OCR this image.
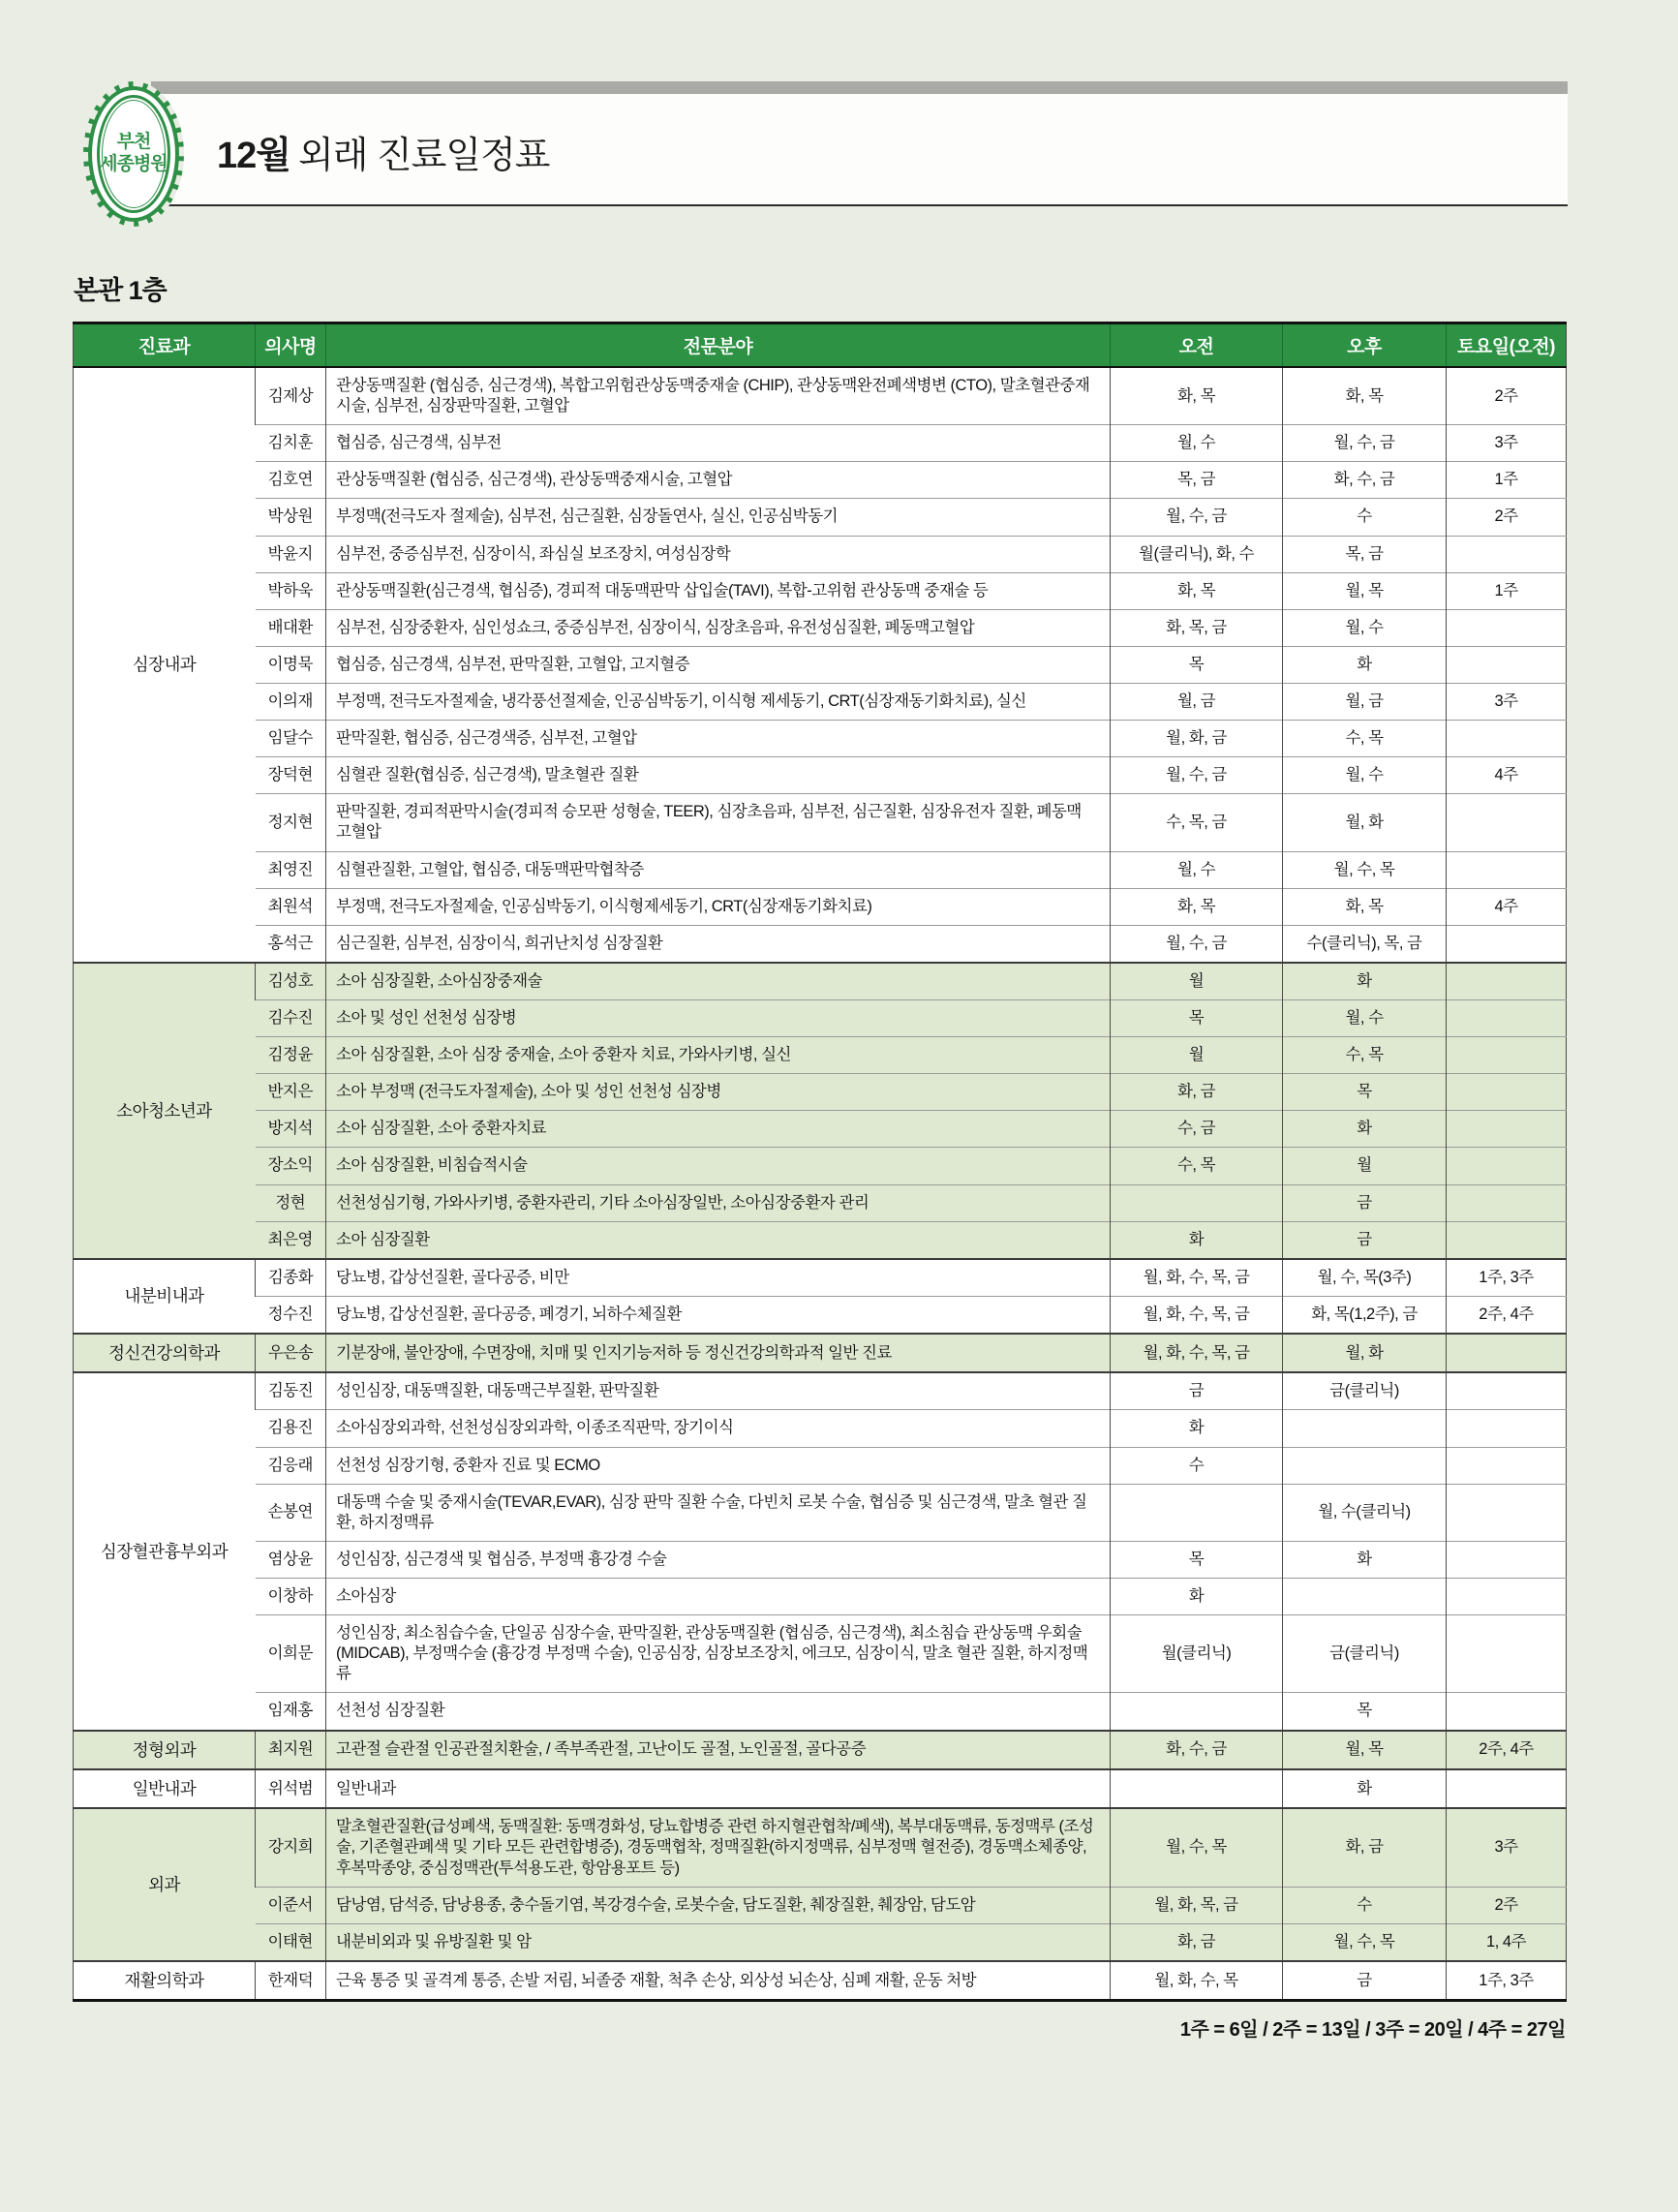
부천
세종병원 12월 외래 진료일정표
본관 1층
진료과	의사명	전문분야	오전	오후	토요일(오전)
심장내과	김제상	관상동맥질환 (협심증, 심근경색), 복합고위험관상동맥중재술 (CHIP), 관상동맥완전폐색병변 (CTO), 말초혈관중재시술, 심부전, 심장판막질환, 고혈압	화, 목	화, 목	2주
	김치훈	협심증, 심근경색, 심부전	월, 수	월, 수, 금	3주
	김호연	관상동맥질환 (협심증, 심근경색), 관상동맥중재시술, 고혈압	목, 금	화, 수, 금	1주
	박상원	부정맥(전극도자 절제술), 심부전, 심근질환, 심장돌연사, 실신, 인공심박동기	월, 수, 금	수	2주
	박윤지	심부전, 중증심부전, 심장이식, 좌심실 보조장치, 여성심장학	월(클리닉), 화, 수	목, 금	
	박하욱	관상동맥질환(심근경색, 협심증), 경피적 대동맥판막 삽입술(TAVI), 복합-고위험 관상동맥 중재술 등	화, 목	월, 목	1주
	배대환	심부전, 심장중환자, 심인성쇼크, 중증심부전, 심장이식, 심장초음파, 유전성심질환, 폐동맥고혈압	화, 목, 금	월, 수	
	이명묵	협심증, 심근경색, 심부전, 판막질환, 고혈압, 고지혈증	목	화	
	이의재	부정맥, 전극도자절제술, 냉각풍선절제술, 인공심박동기, 이식형 제세동기, CRT(심장재동기화치료), 실신	월, 금	월, 금	3주
	임달수	판막질환, 협심증, 심근경색증, 심부전, 고혈압	월, 화, 금	수, 목	
	장덕현	심혈관 질환(협심증, 심근경색), 말초혈관 질환	월, 수, 금	월, 수	4주
	정지현	판막질환, 경피적판막시술(경피적 승모판 성형술, TEER), 심장초음파, 심부전, 심근질환, 심장유전자 질환, 폐동맥 고혈압	수, 목, 금	월, 화	
	최영진	심혈관질환, 고혈압, 협심증, 대동맥판막협착증	월, 수	월, 수, 목	
	최원석	부정맥, 전극도자절제술, 인공심박동기, 이식형제세동기, CRT(심장재동기화치료)	화, 목	화, 목	4주
	홍석근	심근질환, 심부전, 심장이식, 희귀난치성 심장질환	월, 수, 금	수(클리닉), 목, 금	
소아청소년과	김성호	소아 심장질환, 소아심장중재술	월	화	
	김수진	소아 및 성인 선천성 심장병	목	월, 수	
	김정윤	소아 심장질환, 소아 심장 중재술, 소아 중환자 치료, 가와사키병, 실신	월	수, 목	
	반지은	소아 부정맥 (전극도자절제술), 소아 및 성인 선천성 심장병	화, 금	목	
	방지석	소아 심장질환, 소아 중환자치료	수, 금	화	
	장소익	소아 심장질환, 비침습적시술	수, 목	월	
	정현	선천성심기형, 가와사키병, 중환자관리, 기타 소아심장일반, 소아심장중환자 관리		금	
	최은영	소아 심장질환	화	금	
내분비내과	김종화	당뇨병, 갑상선질환, 골다공증, 비만	월, 화, 수, 목, 금	월, 수, 목(3주)	1주, 3주
	정수진	당뇨병, 갑상선질환, 골다공증, 폐경기, 뇌하수체질환	월, 화, 수, 목, 금	화, 목(1,2주), 금	2주, 4주
정신건강의학과	우은송	기분장애, 불안장애, 수면장애, 치매 및 인지기능저하 등 정신건강의학과적 일반 진료	월, 화, 수, 목, 금	월, 화	
심장혈관흉부외과	김동진	성인심장, 대동맥질환, 대동맥근부질환, 판막질환	금	금(클리닉)	
	김용진	소아심장외과학, 선천성심장외과학, 이종조직판막, 장기이식	화		
	김응래	선천성 심장기형, 중환자 진료 및 ECMO	수		
	손봉연	대동맥 수술 및 중재시술(TEVAR,EVAR), 심장 판막 질환 수술, 다빈치 로봇 수술, 협심증 및 심근경색, 말초 혈관 질환, 하지정맥류		월, 수(클리닉)	
	염상윤	성인심장, 심근경색 및 협심증, 부정맥 흉강경 수술	목	화	
	이창하	소아심장	화		
	이희문	성인심장, 최소침습수술, 단일공 심장수술, 판막질환, 관상동맥질환 (협심증, 심근경색), 최소침습 관상동맥 우회술 (MIDCAB), 부정맥수술 (흉강경 부정맥 수술), 인공심장, 심장보조장치, 에크모, 심장이식, 말초 혈관 질환, 하지정맥류	월(클리닉)	금(클리닉)	
	임재홍	선천성 심장질환		목	
정형외과	최지원	고관절 슬관절 인공관절치환술, / 족부족관절, 고난이도 골절, 노인골절, 골다공증	화, 수, 금	월, 목	2주, 4주
일반내과	위석범	일반내과		화	
외과	강지희	말초혈관질환(급성폐색, 동맥질환: 동맥경화성, 당뇨합병증 관련 하지혈관협착/폐색), 복부대동맥류, 동정맥루 (조성술, 기존혈관폐색 및 기타 모든 관련합병증), 경동맥협착, 정맥질환(하지정맥류, 심부정맥 혈전증), 경동맥소체종양, 후복막종양, 중심정맥관(투석용도관, 항암용포트 등)	월, 수, 목	화, 금	3주
	이준서	담낭염, 담석증, 담낭용종, 충수돌기염, 복강경수술, 로봇수술, 담도질환, 췌장질환, 췌장암, 담도암	월, 화, 목, 금	수	2주
	이태현	내분비외과 및 유방질환 및 암	화, 금	월, 수, 목	1, 4주
재활의학과	한재덕	근육 통증 및 골격계 통증, 손발 저림, 뇌졸중 재활, 척추 손상, 외상성 뇌손상, 심폐 재활, 운동 처방	월, 화, 수, 목	금	1주, 3주
1주 = 6일 / 2주 = 13일 / 3주 = 20일 / 4주 = 27일
